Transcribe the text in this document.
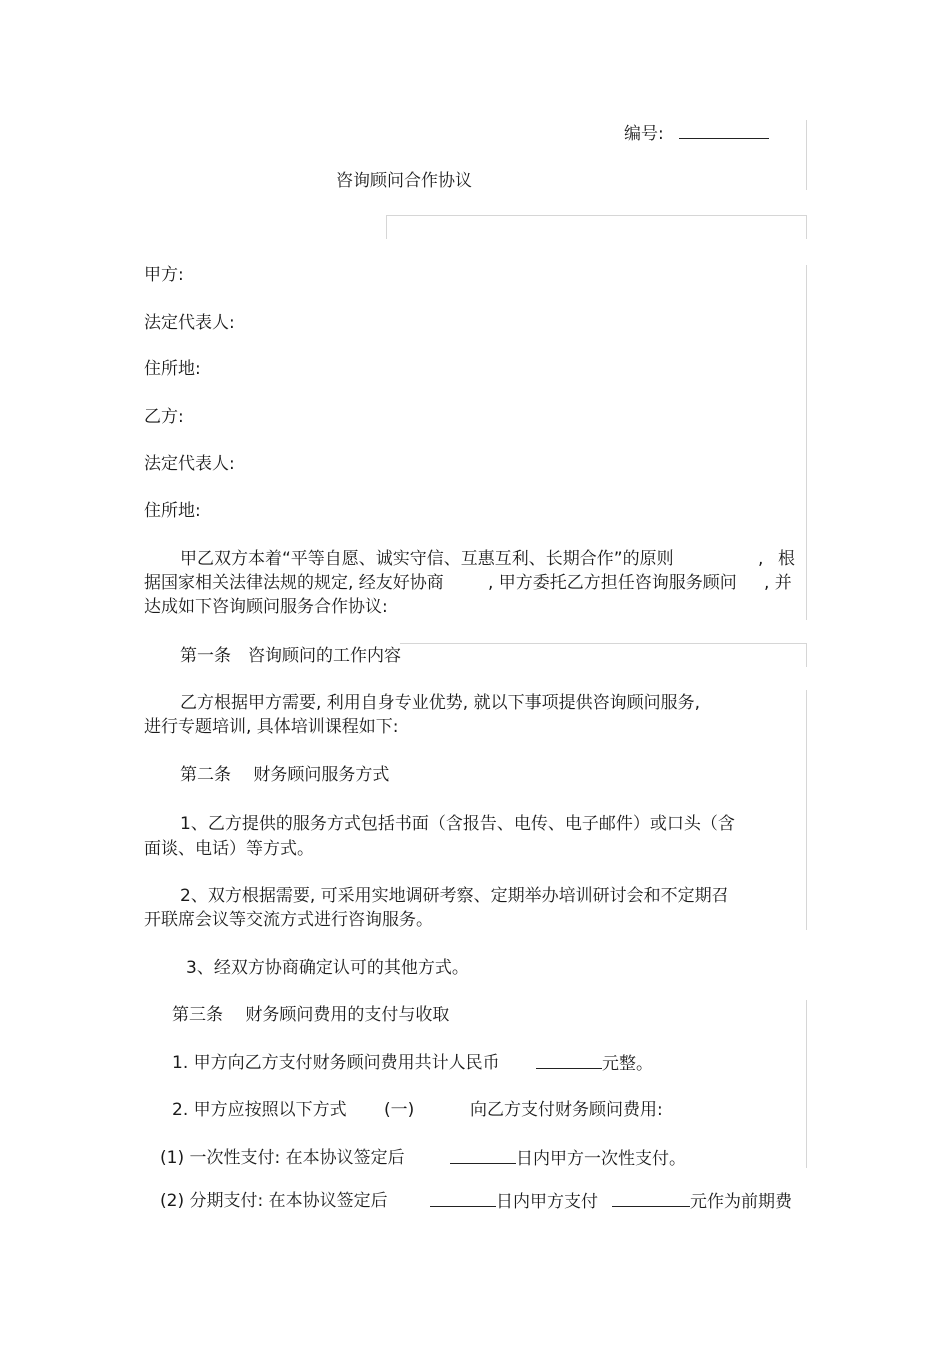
编号:
咨询顾问合作协议
甲方:
法定代表人:
住所地:
乙方:
法定代表人:
住所地:
甲乙双方本着“平等自愿、诚实守信、互惠互利、长期合作”的原则	, 根
据国家相关法律法规的规定, 经友好协商	, 甲方委托乙方担任咨询服务顾问 , 并
达成如下咨询顾问服务合作协议:
第一条　咨询顾问的工作内容
乙方根据甲方需要, 利用自身专业优势, 就以下事项提供咨询顾问服务,
进行专题培训, 具体培训课程如下:
第二条　 财务顾问服务方式
1、乙方提供的服务方式包括书面（含报告、电传、电子邮件）或口头（含
面谈、电话）等方式。
2、双方根据需要, 可采用实地调研考察、定期举办培训研讨会和不定期召
开联席会议等交流方式进行咨询服务。
3、经双方协商确定认可的其他方式。
第三条　 财务顾问费用的支付与收取
1. 甲方向乙方支付财务顾问费用共计人民币	元整。
2. 甲方应按照以下方式 (一)	向乙方支付财务顾问费用:
(1) 一次性支付: 在本协议签定后	日内甲方一次性支付。
(2) 分期支付: 在本协议签定后	日内甲方支付	元作为前期费
